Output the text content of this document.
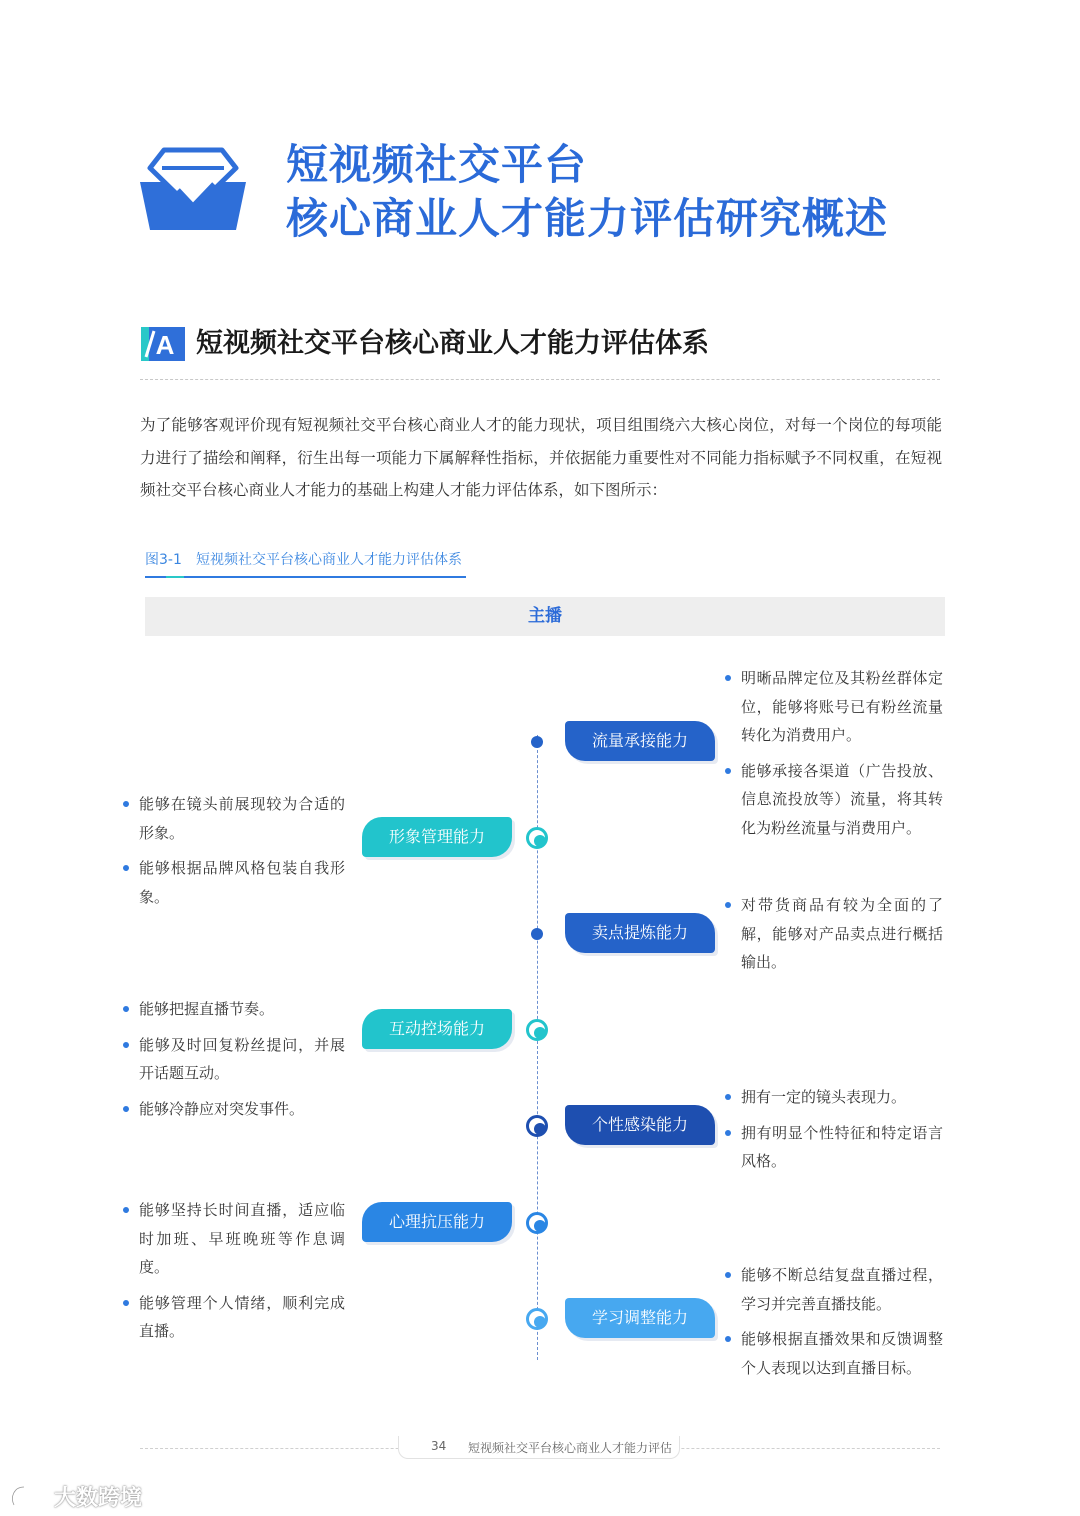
短视频社交平台
核心商业人才能力评估研究概述
A 短视频社交平台核心商业人才能力评估体系

为了能够客观评价现有短视频社交平台核心商业人才的能力现状，项目组围绕六大核心岗位，对每一个岗位的每项能力进行了描绘和阐释，衍生出每一项能力下属解释性指标，并依据能力重要性对不同能力指标赋予不同权重，在短视频社交平台核心商业人才能力的基础上构建人才能力评估体系，如下图所示：

图3-1 短视频社交平台核心商业人才能力评估体系
主播
流量承接能力
明晰品牌定位及其粉丝群体定位，能够将账号已有粉丝流量转化为消费用户。
能够承接各渠道（广告投放、信息流投放等）流量，将其转化为粉丝流量与消费用户。
形象管理能力
能够在镜头前展现较为合适的形象。
能够根据品牌风格包装自我形象。
卖点提炼能力
对带货商品有较为全面的了解，能够对产品卖点进行概括输出。
互动控场能力
能够把握直播节奏。
能够及时回复粉丝提问，并展开话题互动。
能够冷静应对突发事件。
个性感染能力
拥有一定的镜头表现力。
拥有明显个性特征和特定语言风格。
心理抗压能力
能够坚持长时间直播，适应临时加班、早班晚班等作息调度。
能够管理个人情绪，顺利完成直播。
学习调整能力
能够不断总结复盘直播过程，学习并完善直播技能。
能够根据直播效果和反馈调整个人表现以达到直播目标。
34 短视频社交平台核心商业人才能力评估
大数跨境
